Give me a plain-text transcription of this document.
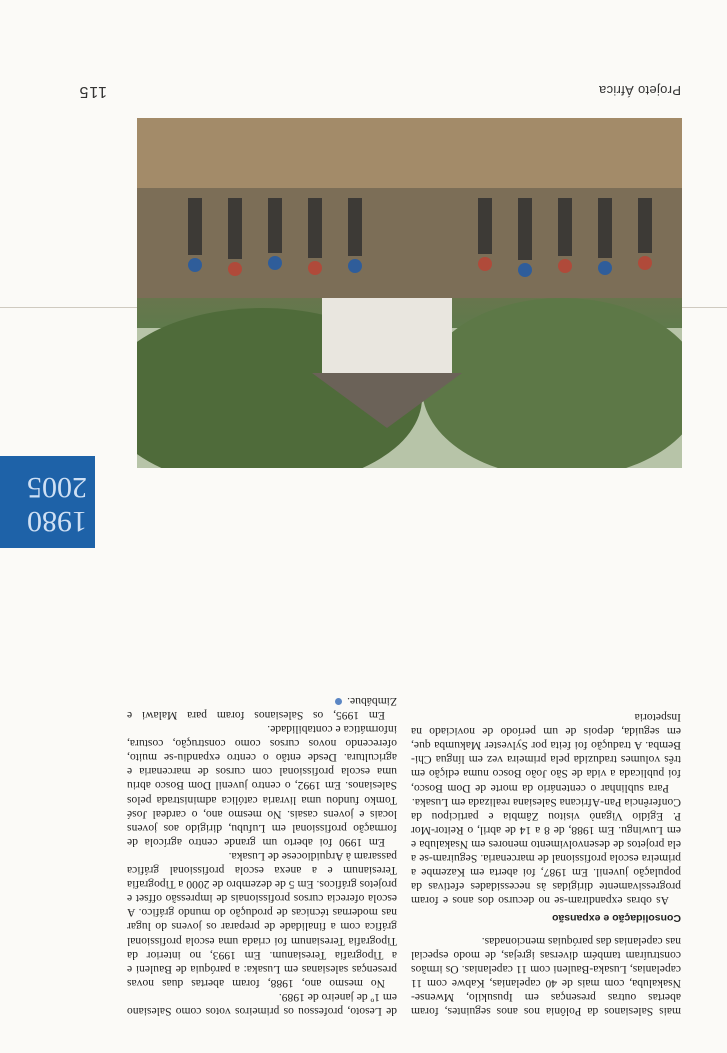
Projeto África
115
1980
2005

mais Salesianos da Polônia nos anos seguintes, foram abertas outras presenças em Ipusukilo, Mwense-Nsakaluba, com mais de 40 capelanias, Kabwe com 11 capelanias, Lusaka-Bauleni com 11 capelanias. Os irmãos construíram também diversas igrejas, de modo especial nas capelanias das paróquias mencionadas.

Consolidação e expansão

As obras expandiram-se no decurso dos anos e foram progressivamente dirigidas às necessidades efetivas da população juvenil. Em 1987, foi aberta em Kazembe a primeira escola profissional de marcenaria. Seguiram-se a ela projetos de desenvolvimento menores em Nsakaluba e em Luwingu. Em 1988, de 8 a 14 de abril, o Reitor-Mor P. Egídio Viganò visitou Zâmbia e participou da Conferência Pan-Africana Salesiana realizada em Lusaka.

Para sublinhar o centenário da morte de Dom Bosco, foi publicada a vida de São João Bosco numa edição em três volumes traduzida pela primeira vez em língua Chi-Bemba. A tradução foi feita por Sylvester Makumba que, em seguida, depois de um período de noviciado na Inspetoria

de Lesoto, professou os primeiros votos como Salesiano em 1º de janeiro de 1989.

No mesmo ano, 1988, foram abertas duas novas presenças salesianas em Lusaka: a paróquia de Bauleni e a Tipografia Teresianum. Em 1993, no interior da Tipografia Teresianum foi criada uma escola profissional gráfica com a finalidade de preparar os jovens do lugar nas modernas técnicas de produção do mundo gráfico. A escola oferecia cursos profissionais de impressão offset e projetos gráficos. Em 5 de dezembro de 2000 a Tipografia Teresianum e a anexa escola profissional gráfica passaram à Arquidiocese de Lusaka.

Em 1990 foi aberto um grande centro agrícola de formação profissional em Lufubu, dirigido aos jovens locais e jovens casais. No mesmo ano, o cardeal José Tomko fundou uma livraria católica administrada pelos Salesianos. Em 1992, o centro juvenil Dom Bosco abriu uma escola profissional com cursos de marcenaria e agricultura. Desde então o centro expandiu-se muito, oferecendo novos cursos como construção, costura, informática e contabilidade.

Em 1995, os Salesianos foram para Malawi e Zimbábue.
